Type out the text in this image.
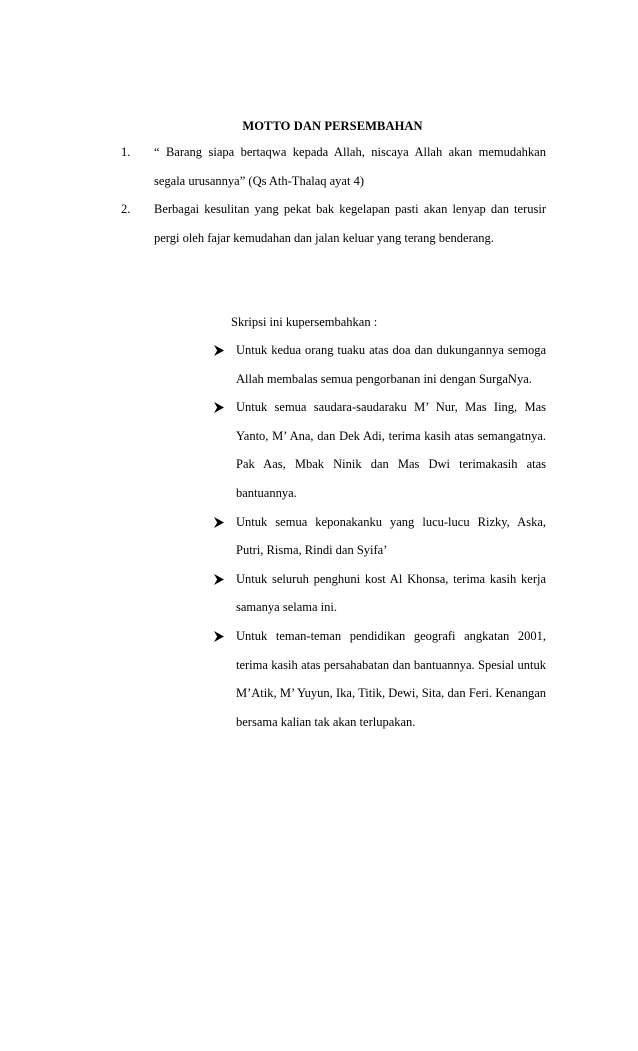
MOTTO DAN PERSEMBAHAN
1. “ Barang siapa bertaqwa kepada Allah, niscaya Allah akan memudahkan segala urusannya” (Qs Ath-Thalaq ayat 4)
2. Berbagai kesulitan yang pekat bak kegelapan pasti akan lenyap dan terusir pergi oleh fajar kemudahan dan jalan keluar yang terang benderang.
Skripsi ini kupersembahkan :
Untuk kedua orang tuaku atas doa dan dukungannya semoga Allah membalas semua pengorbanan ini dengan SurgaNya.
Untuk semua saudara-saudaraku M’ Nur, Mas Iing, Mas Yanto, M’ Ana, dan Dek Adi, terima kasih atas semangatnya. Pak Aas, Mbak Ninik dan Mas Dwi terimakasih atas bantuannya.
Untuk semua keponakanku yang lucu-lucu Rizky, Aska, Putri, Risma, Rindi dan Syifa’
Untuk seluruh penghuni kost Al Khonsa, terima kasih kerja samanya selama ini.
Untuk teman-teman pendidikan geografi angkatan 2001, terima kasih atas persahabatan dan bantuannya. Spesial untuk M’Atik, M’ Yuyun, Ika, Titik, Dewi, Sita, dan Feri. Kenangan bersama kalian tak akan terlupakan.
